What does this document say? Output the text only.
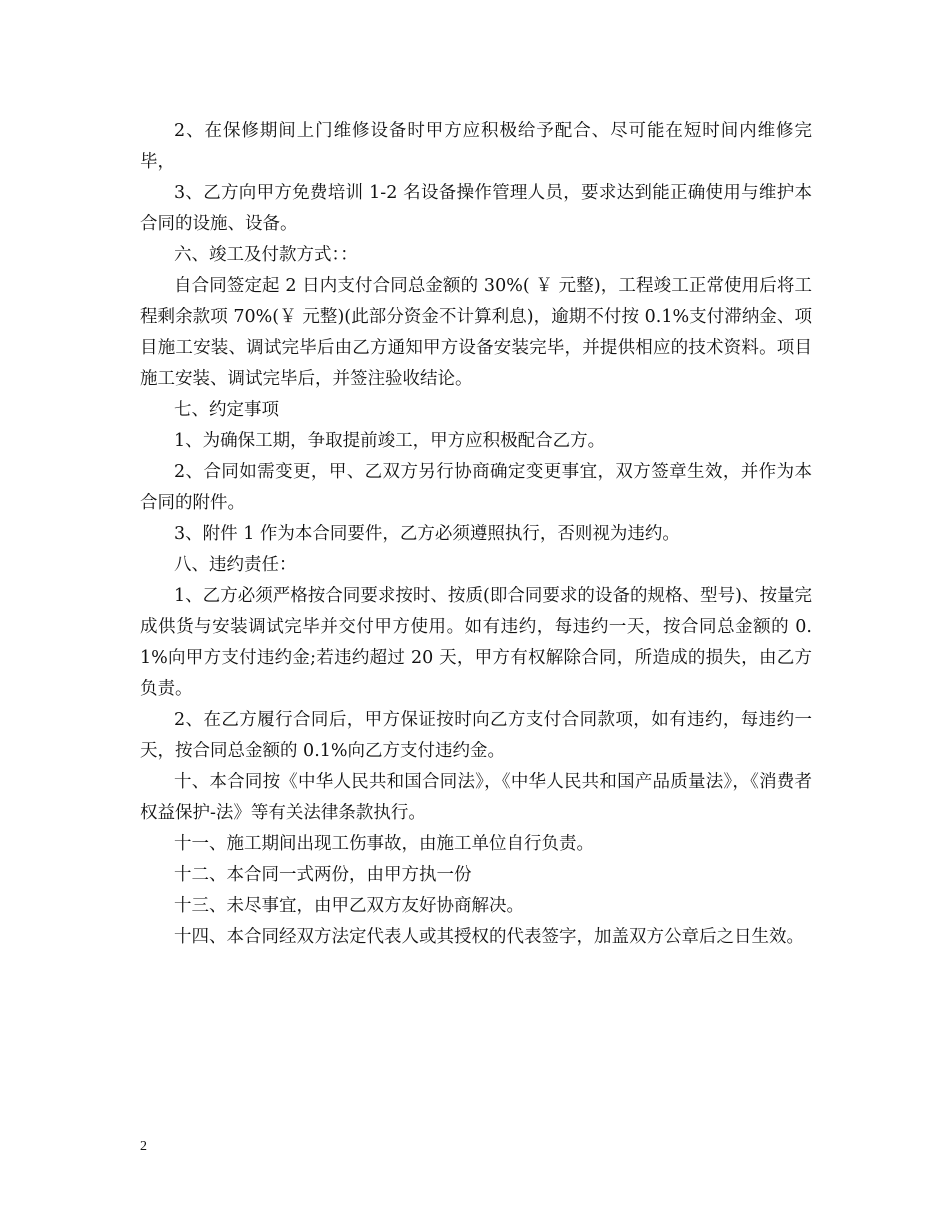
2、在保修期间上门维修设备时甲方应积极给予配合、尽可能在短时间内维修完毕，

3、乙方向甲方免费培训 1-2 名设备操作管理人员，要求达到能正确使用与维护本合同的设施、设备。

六、竣工及付款方式：：

自合同签定起 2 日内支付合同总金额的 30%( ￥ 元整)，工程竣工正常使用后将工程剩余款项 70%(￥ 元整)(此部分资金不计算利息)，逾期不付按 0.1%支付滞纳金、项目施工安装、调试完毕后由乙方通知甲方设备安装完毕，并提供相应的技术资料。项目施工安装、调试完毕后，并签注验收结论。

七、约定事项

1、为确保工期，争取提前竣工，甲方应积极配合乙方。

2、合同如需变更，甲、乙双方另行协商确定变更事宜，双方签章生效，并作为本合同的附件。

3、附件 1 作为本合同要件，乙方必须遵照执行，否则视为违约。

八、违约责任：

1、乙方必须严格按合同要求按时、按质(即合同要求的设备的规格、型号)、按量完成供货与安装调试完毕并交付甲方使用。如有违约，每违约一天，按合同总金额的 0.1%向甲方支付违约金;若违约超过 20 天，甲方有权解除合同，所造成的损失，由乙方负责。

2、在乙方履行合同后，甲方保证按时向乙方支付合同款项，如有违约，每违约一天，按合同总金额的 0.1%向乙方支付违约金。

十、本合同按《中华人民共和国合同法》，《中华人民共和国产品质量法》，《消费者权益保护-法》等有关法律条款执行。

十一、施工期间出现工伤事故，由施工单位自行负责。

十二、本合同一式两份，由甲方执一份

十三、未尽事宜，由甲乙双方友好协商解决。

十四、本合同经双方法定代表人或其授权的代表签字，加盖双方公章后之日生效。

2
